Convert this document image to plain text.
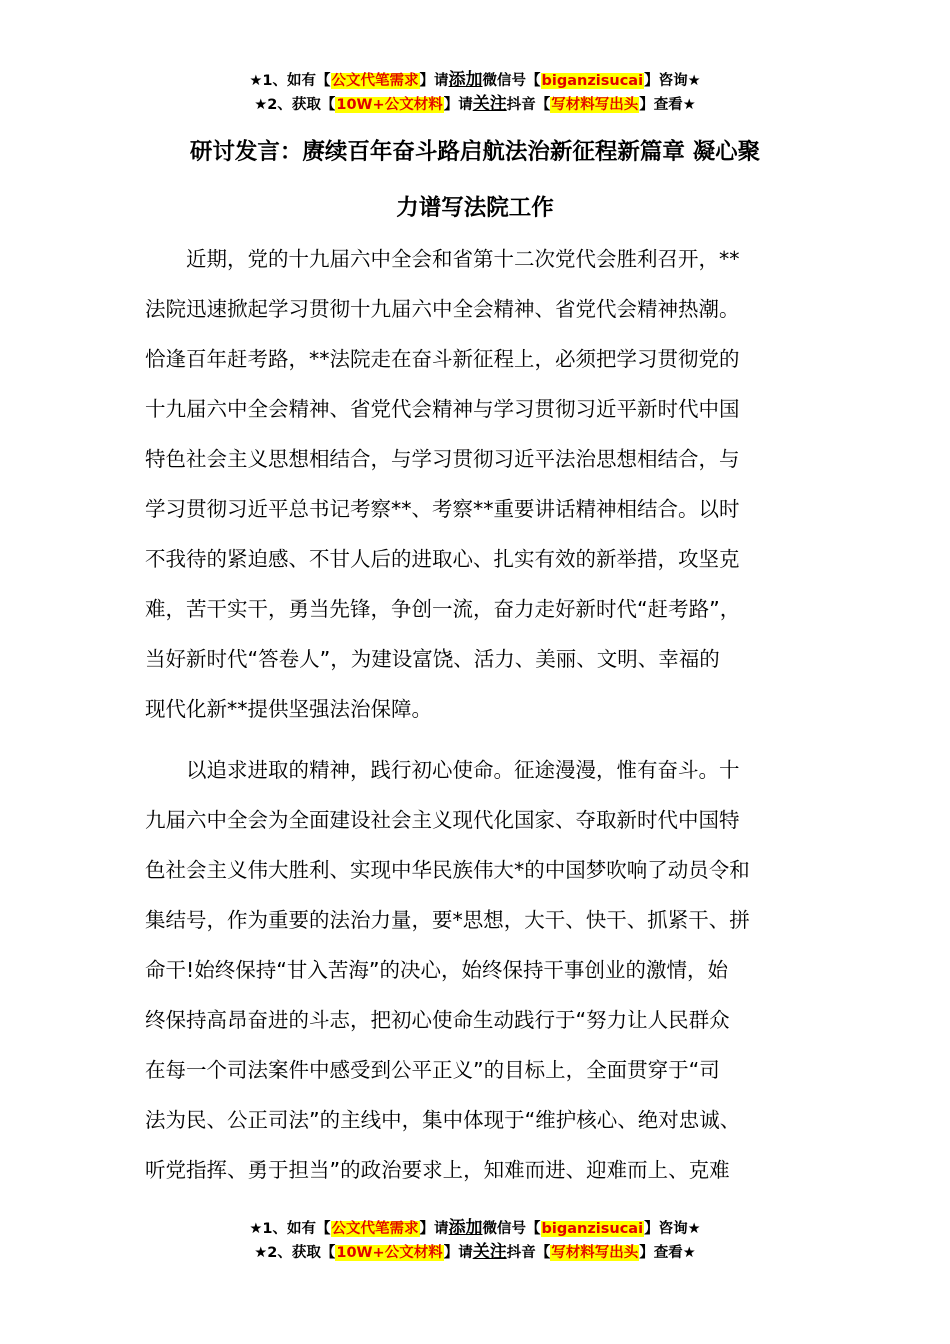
★1、如有【公文代笔需求】请添加微信号【biganzisucai】咨询★
★2、获取【10W+公文材料】请关注抖音【写材料写出头】查看★
研讨发言：赓续百年奋斗路启航法治新征程新篇章 凝心聚
力谱写法院工作
　　近期，党的十九届六中全会和省第十二次党代会胜利召开，**
法院迅速掀起学习贯彻十九届六中全会精神、省党代会精神热潮。
恰逢百年赶考路，**法院走在奋斗新征程上，必须把学习贯彻党的
十九届六中全会精神、省党代会精神与学习贯彻习近平新时代中国
特色社会主义思想相结合，与学习贯彻习近平法治思想相结合，与
学习贯彻习近平总书记考察**、考察**重要讲话精神相结合。以时
不我待的紧迫感、不甘人后的进取心、扎实有效的新举措，攻坚克
难，苦干实干，勇当先锋，争创一流，奋力走好新时代“赶考路”，
当好新时代“答卷人”，为建设富饶、活力、美丽、文明、幸福的
现代化新**提供坚强法治保障。
　　以追求进取的精神，践行初心使命。征途漫漫，惟有奋斗。十
九届六中全会为全面建设社会主义现代化国家、夺取新时代中国特
色社会主义伟大胜利、实现中华民族伟大*的中国梦吹响了动员令和
集结号，作为重要的法治力量，要*思想，大干、快干、抓紧干、拼
命干!始终保持“甘入苦海”的决心，始终保持干事创业的激情，始
终保持高昂奋进的斗志，把初心使命生动践行于“努力让人民群众
在每一个司法案件中感受到公平正义”的目标上，全面贯穿于“司
法为民、公正司法”的主线中，集中体现于“维护核心、绝对忠诚、
听党指挥、勇于担当”的政治要求上，知难而进、迎难而上、克难
★1、如有【公文代笔需求】请添加微信号【biganzisucai】咨询★
★2、获取【10W+公文材料】请关注抖音【写材料写出头】查看★
